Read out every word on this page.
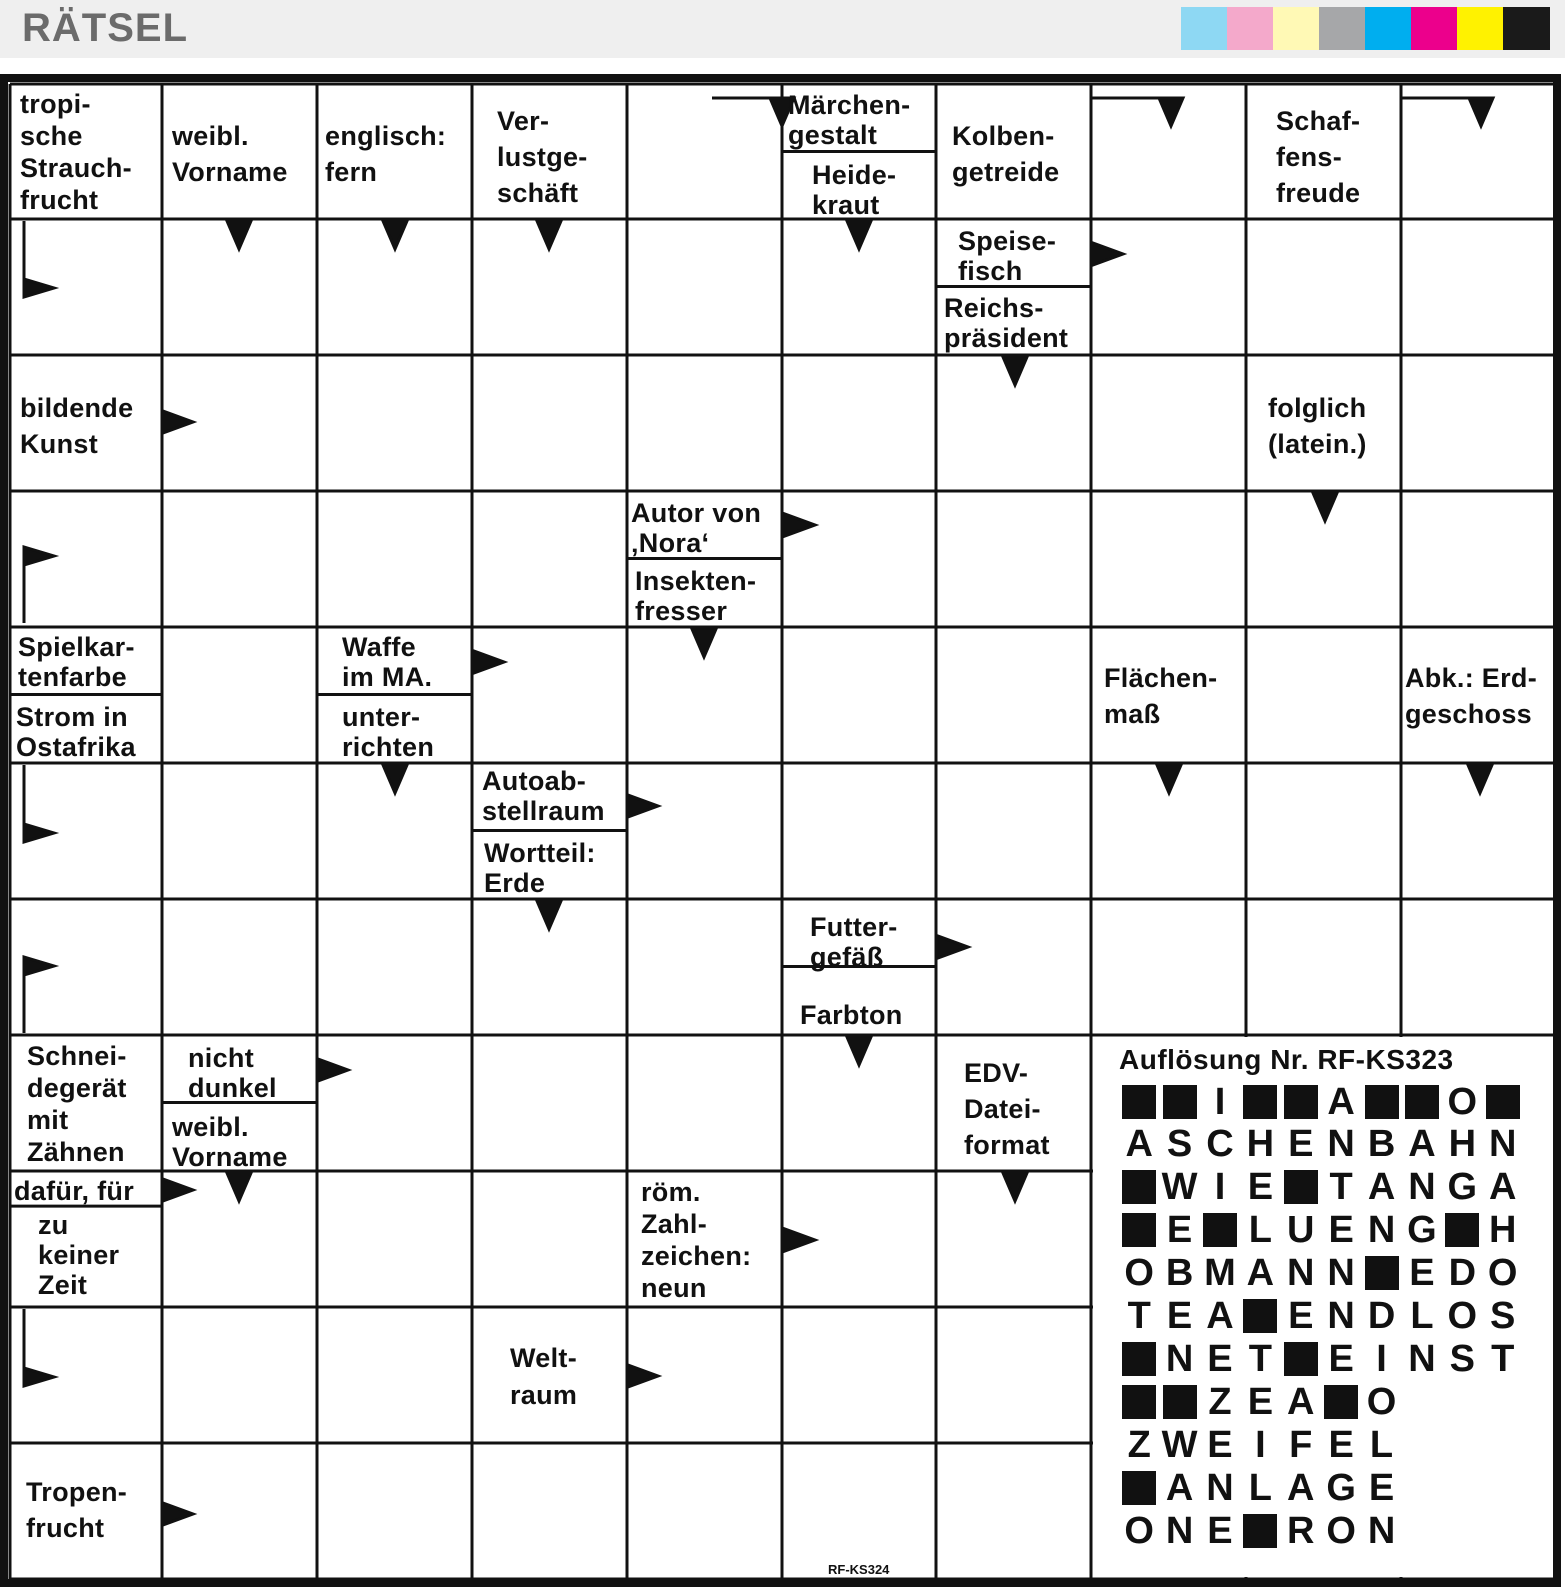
RÄTSEL
tropi-
sche
Strauch-
frucht
weibl.
Vorname
englisch:
fern
Ver-
lustge-
schäft
Märchen-
gestalt
Heide-
kraut
Kolben-
getreide
Schaf-
fens-
freude
Speise-
fisch
Reichs-
präsident
bildende
Kunst
folglich
(latein.)
Autor von
‚Nora‘
Insekten-
fresser
Spielkar-
tenfarbe
Strom in
Ostafrika
Waffe
im MA.
unter-
richten
Flächen-
maß
Abk.: Erd-
geschoss
Autoab-
stellraum
Wortteil:
Erde
Futter-
gefäß
Farbton
Schnei-
degerät
mit
Zähnen
nicht
dunkel
weibl.
Vorname
EDV-
Datei-
format
dafür, für
zu
keiner
Zeit
röm.
Zahl-
zeichen:
neun
Welt-
raum
Tropen-
frucht
Auflösung Nr. RF-KS323
I	A O
A S C H E N B A H N
W I E T A N G A
E L U E N G H
O B M A N N E D O
T E A E N D L O S
N E T E I N S T
Z E A O
Z W E I F E L
A N L A G E
O N E R O N
RF-KS324
